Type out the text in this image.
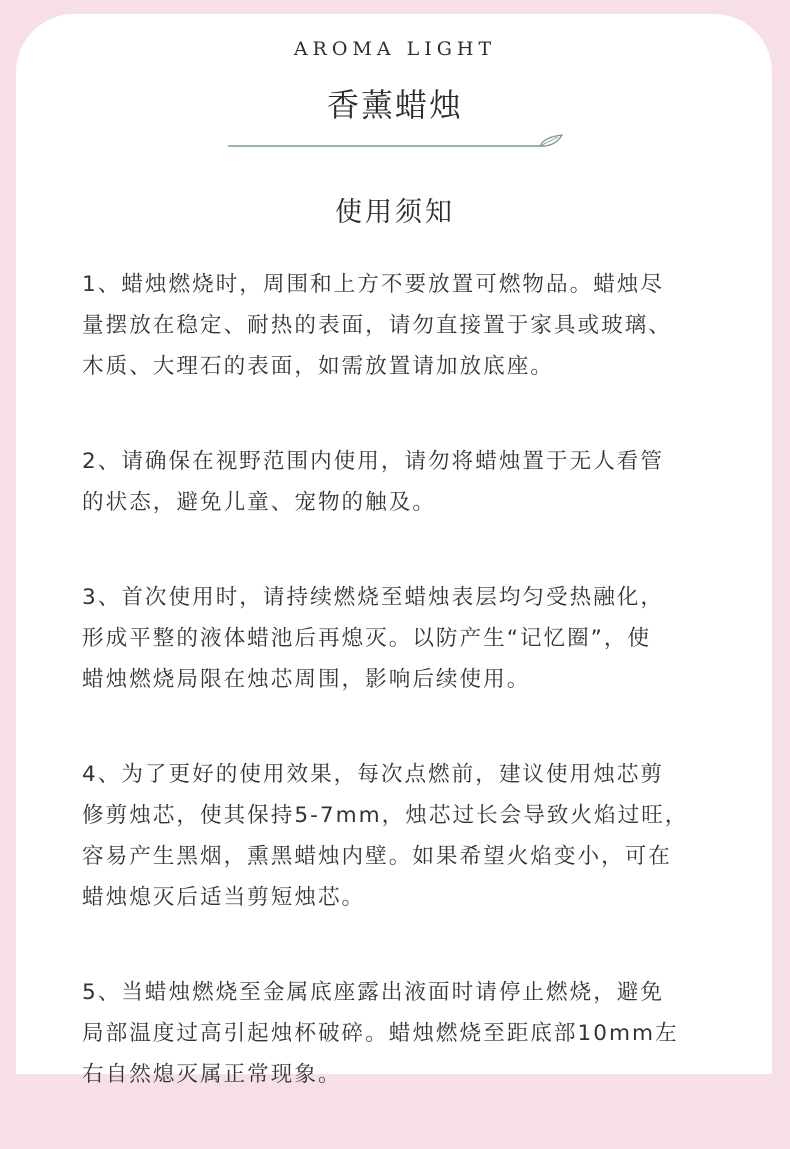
AROMA LIGHT
香薰蜡烛
使用须知
1、蜡烛燃烧时，周围和上方不要放置可燃物品。蜡烛尽
量摆放在稳定、耐热的表面，请勿直接置于家具或玻璃、
木质、大理石的表面，如需放置请加放底座。
2、请确保在视野范围内使用，请勿将蜡烛置于无人看管
的状态，避免儿童、宠物的触及。
3、首次使用时，请持续燃烧至蜡烛表层均匀受热融化，
形成平整的液体蜡池后再熄灭。以防产生“记忆圈”，使
蜡烛燃烧局限在烛芯周围，影响后续使用。
4、为了更好的使用效果，每次点燃前，建议使用烛芯剪
修剪烛芯，使其保持5-7mm，烛芯过长会导致火焰过旺，
容易产生黑烟，熏黑蜡烛内壁。如果希望火焰变小，可在
蜡烛熄灭后适当剪短烛芯。
5、当蜡烛燃烧至金属底座露出液面时请停止燃烧，避免
局部温度过高引起烛杯破碎。蜡烛燃烧至距底部10mm左
右自然熄灭属正常现象。
